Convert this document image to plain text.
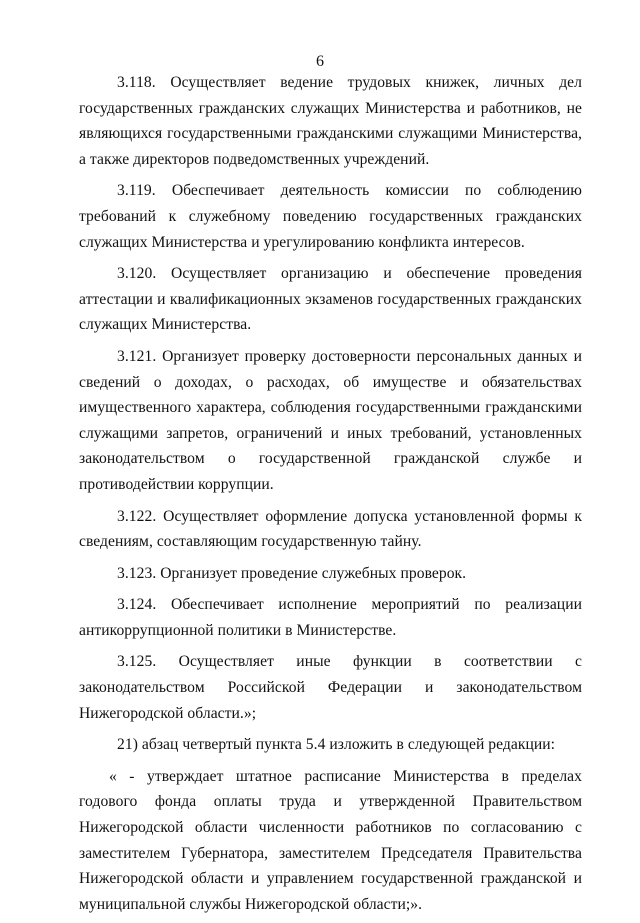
6

3.118. Осуществляет ведение трудовых книжек, личных дел государственных гражданских служащих Министерства и работников, не являющихся государственными гражданскими служащими Министерства, а также директоров подведомственных учреждений.

3.119. Обеспечивает деятельность комиссии по соблюдению требований к служебному поведению государственных гражданских служащих Министерства и урегулированию конфликта интересов.

3.120. Осуществляет организацию и обеспечение проведения аттестации и квалификационных экзаменов государственных гражданских служащих Министерства.

3.121. Организует проверку достоверности персональных данных и сведений о доходах, о расходах, об имуществе и обязательствах имущественного характера, соблюдения государственными гражданскими служащими запретов, ограничений и иных требований, установленных законодательством о государственной гражданской службе и противодействии коррупции.

3.122. Осуществляет оформление допуска установленной формы к сведениям, составляющим государственную тайну.

3.123. Организует проведение служебных проверок.

3.124. Обеспечивает исполнение мероприятий по реализации антикоррупционной политики в Министерстве.

3.125. Осуществляет иные функции в соответствии с законодательством Российской Федерации и законодательством Нижегородской области.»;

21) абзац четвертый пункта 5.4 изложить в следующей редакции:

« - утверждает штатное расписание Министерства в пределах годового фонда оплаты труда и утвержденной Правительством Нижегородской области численности работников по согласованию с заместителем Губернатора, заместителем Председателя Правительства Нижегородской области и управлением государственной гражданской и муниципальной службы Нижегородской области;».
